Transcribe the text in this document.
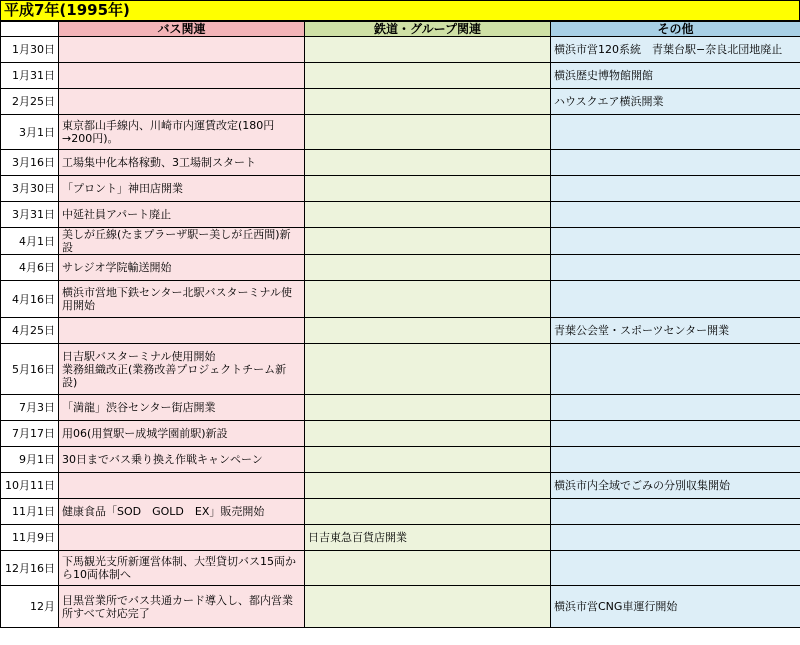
平成7年(1995年)
	バス関連	鉄道・グループ関連	その他
1月30日			横浜市営120系統　青葉台駅−奈良北団地廃止
1月31日			横浜歴史博物館開館
2月25日			ハウスクエア横浜開業
3月1日	東京都山手線内、川崎市内運賃改定(180円→200円)。		
3月16日	工場集中化本格稼動、3工場制スタート		
3月30日	「プロント」神田店開業		
3月31日	中延社員アパート廃止		
4月1日	美しが丘線(たまプラーザ駅ー美しが丘西間)新設		
4月6日	サレジオ学院輸送開始		
4月16日	横浜市営地下鉄センター北駅バスターミナル使用開始		
4月25日			青葉公会堂・スポーツセンター開業
5月16日	日吉駅バスターミナル使用開始
業務組織改正(業務改善プロジェクトチーム新設)		
7月3日	「満龍」渋谷センター街店開業		
7月17日	用06(用賀駅ー成城学園前駅)新設		
9月1日	30日までバス乗り換え作戦キャンペーン		
10月11日			横浜市内全域でごみの分別収集開始
11月1日	健康食品「SOD　GOLD　EX」販売開始		
11月9日		日吉東急百貨店開業	
12月16日	下馬観光支所新運営体制、大型貸切バス15両から10両体制へ		
12月	目黒営業所でバス共通カード導入し、都内営業所すべて対応完了		横浜市営CNG車運行開始
